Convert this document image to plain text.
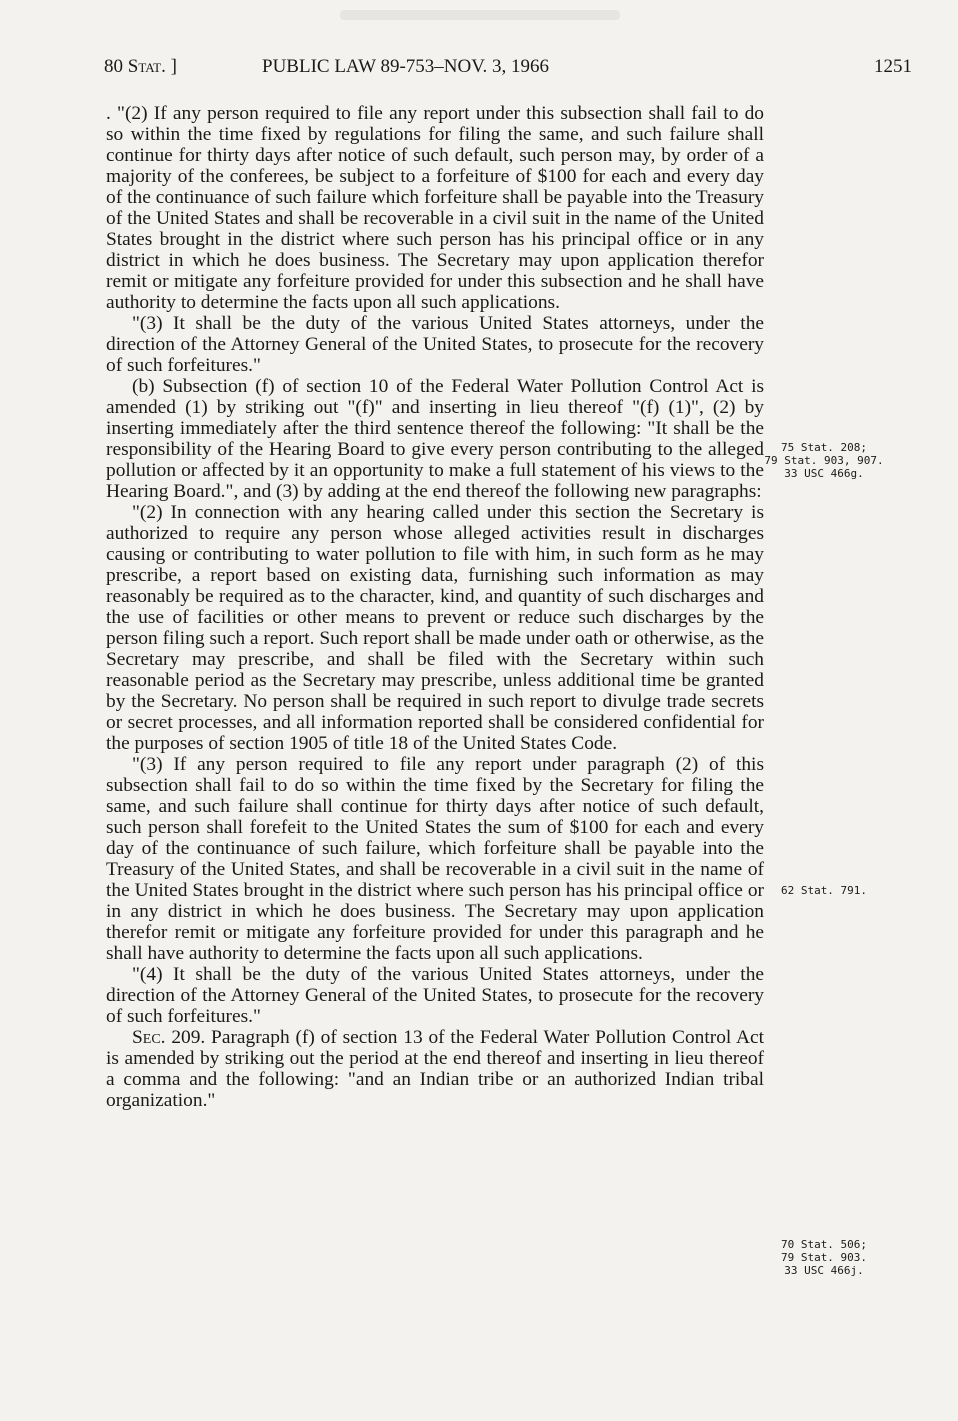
80 Stat. ]	PUBLIC LAW 89-753–NOV. 3, 1966	1251

. "(2) If any person required to file any report under this subsection shall fail to do so within the time fixed by regulations for filing the same, and such failure shall continue for thirty days after notice of such default, such person may, by order of a majority of the conferees, be subject to a forfeiture of $100 for each and every day of the continuance of such failure which forfeiture shall be payable into the Treasury of the United States and shall be recoverable in a civil suit in the name of the United States brought in the district where such person has his principal office or in any district in which he does business. The Secretary may upon application therefor remit or mitigate any forfeiture provided for under this subsection and he shall have authority to determine the facts upon all such applications.

"(3) It shall be the duty of the various United States attorneys, under the direction of the Attorney General of the United States, to prosecute for the recovery of such forfeitures."

(b) Subsection (f) of section 10 of the Federal Water Pollution Control Act is amended (1) by striking out "(f)" and inserting in lieu thereof "(f) (1)", (2) by inserting immediately after the third sentence thereof the following: "It shall be the responsibility of the Hearing Board to give every person contributing to the alleged pollution or affected by it an opportunity to make a full statement of his views to the Hearing Board.", and (3) by adding at the end thereof the following new paragraphs:

"(2) In connection with any hearing called under this section the Secretary is authorized to require any person whose alleged activities result in discharges causing or contributing to water pollution to file with him, in such form as he may prescribe, a report based on existing data, furnishing such information as may reasonably be required as to the character, kind, and quantity of such discharges and the use of facilities or other means to prevent or reduce such discharges by the person filing such a report. Such report shall be made under oath or otherwise, as the Secretary may prescribe, and shall be filed with the Secretary within such reasonable period as the Secretary may prescribe, unless additional time be granted by the Secretary. No person shall be required in such report to divulge trade secrets or secret processes, and all information reported shall be considered confidential for the purposes of section 1905 of title 18 of the United States Code.

"(3) If any person required to file any report under paragraph (2) of this subsection shall fail to do so within the time fixed by the Secretary for filing the same, and such failure shall continue for thirty days after notice of such default, such person shall forefeit to the United States the sum of $100 for each and every day of the continuance of such failure, which forfeiture shall be payable into the Treasury of the United States, and shall be recoverable in a civil suit in the name of the United States brought in the district where such person has his principal office or in any district in which he does business. The Secretary may upon application therefor remit or mitigate any forfeiture provided for under this paragraph and he shall have authority to determine the facts upon all such applications.

"(4) It shall be the duty of the various United States attorneys, under the direction of the Attorney General of the United States, to prosecute for the recovery of such forfeitures."

Sec. 209. Paragraph (f) of section 13 of the Federal Water Pollution Control Act is amended by striking out the period at the end thereof and inserting in lieu thereof a comma and the following: "and an Indian tribe or an authorized Indian tribal organization."

75 Stat. 208;
79 Stat. 903, 907.
33 USC 466g.
62 Stat. 791.
70 Stat. 506;
79 Stat. 903.
33 USC 466j.
